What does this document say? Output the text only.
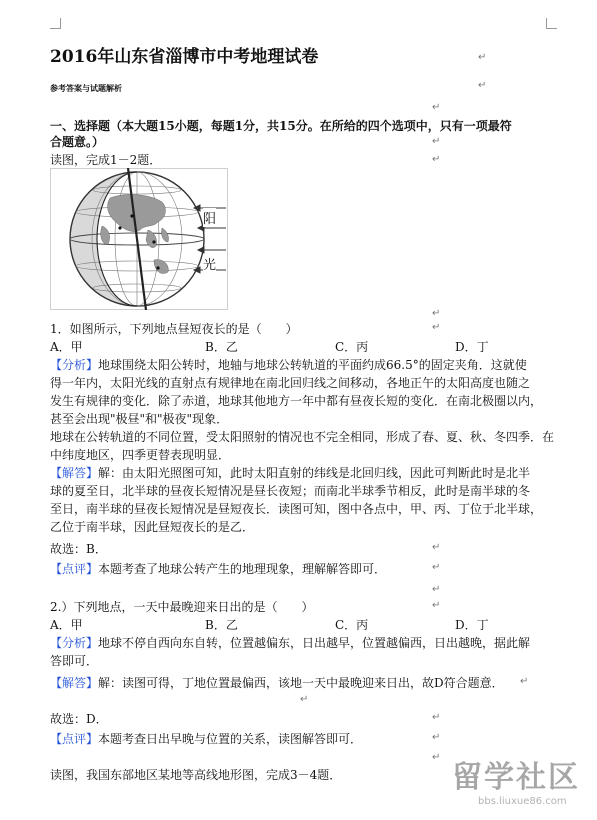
2016年山东省淄博市中考地理试卷	↵
参考答案与试题解析	↵
↵
一、选择题（本大题15小题，每题1分，共15分。在所给的四个选项中，只有一项最符
合题意。）	↵
读图，完成1－2题．	↵
阳
光
↵
1．如图所示，下列地点昼短夜长的是（　　）	↵
A．甲	B．乙	C．丙	D．丁
【分析】地球围绕太阳公转时，地轴与地球公转轨道的平面约成66.5°的固定夹角．这就使
得一年内，太阳光线的直射点有规律地在南北回归线之间移动，各地正午的太阳高度也随之
发生有规律的变化．除了赤道，地球其他地方一年中都有昼夜长短的变化．在南北极圈以内，
甚至会出现"极昼"和"极夜"现象．
地球在公转轨道的不同位置，受太阳照射的情况也不完全相同，形成了春、夏、秋、冬四季．在
中纬度地区，四季更替表现明显．
【解答】解：由太阳光照图可知，此时太阳直射的纬线是北回归线，因此可判断此时是北半
球的夏至日，北半球的昼夜长短情况是昼长夜短；而南北半球季节相反，此时是南半球的冬
至日，南半球的昼夜长短情况是昼短夜长．读图可知，图中各点中，甲、丙、丁位于北半球，
乙位于南半球，因此昼短夜长的是乙．
故选：B．	↵
【点评】本题考查了地球公转产生的地理现象，理解解答即可．	↵
↵
2.）下列地点，一天中最晚迎来日出的是（　　）	↵
A．甲	B．乙	C．丙	D．丁
【分析】地球不停自西向东自转，位置越偏东，日出越早，位置越偏西，日出越晚，据此解
答即可．
【解答】解：读图可得，丁地位置最偏西，该地一天中最晚迎来日出，故D符合题意． ↵
↵
故选：D．	↵
【点评】本题考查日出早晚与位置的关系，读图解答即可．	↵
↵
读图，我国东部地区某地等高线地形图，完成3－4题．	留学社区
bbs.liuxue86.com
